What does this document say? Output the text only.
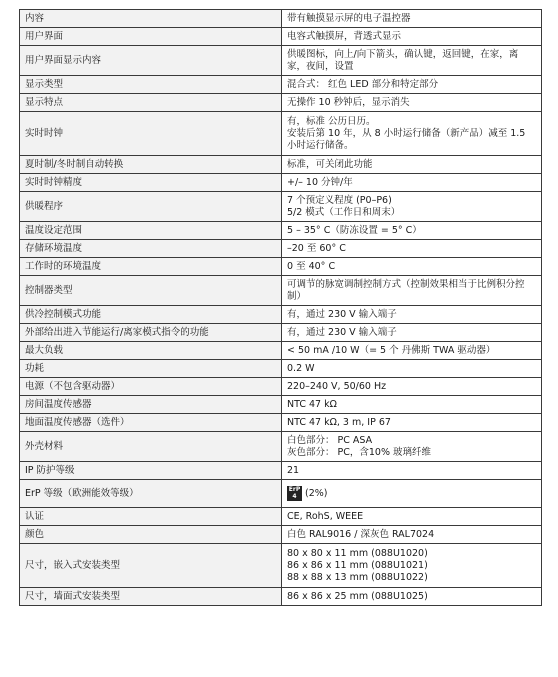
内容	带有触摸显示屏的电子温控器

用户界面	电容式触摸屏，背透式显示

用户界面显示内容	供暖图标，向上/向下箭头，确认键，返回键，在家，离家，夜间，设置

显示类型	混合式： 红色 LED 部分和特定部分

显示特点	无操作 10 秒钟后，显示消失

实时时钟	有，标准 公历日历。
安装后第 10 年，从 8 小时运行储备（新产品）减至 1.5 小时运行储备。

夏时制/冬时制自动转换	标准，可关闭此功能

实时时钟精度	+/– 10 分钟/年

供暖程序	7 个预定义程度 (P0–P6)
5/2 模式（工作日和周末）

温度设定范围	5 – 35° C（防冻设置 = 5° C）

存储环境温度	–20 至 60° C

工作时的环境温度	0 至 40° C

控制器类型	可调节的脉宽调制控制方式（控制效果相当于比例积分控制）

供冷控制模式功能	有，通过 230 V 输入端子

外部给出进入节能运行/离家模式指令的功能	有，通过 230 V 输入端子

最大负载	< 50 mA /10 W（= 5 个 丹佛斯 TWA 驱动器）

功耗	0.2 W

电源（不包含驱动器）	220–240 V, 50/60 Hz

房间温度传感器	NTC 47 kΩ

地面温度传感器（选件）	NTC 47 kΩ, 3 m, IP 67

外壳材料	白色部分： PC ASA
灰色部分： PC，含10% 玻璃纤维

IP 防护等级	21

ErP 等级（欧洲能效等级）	ErP
4 (2%)
认证	CE, RohS, WEEE

颜色	白色 RAL9016 / 深灰色 RAL7024

尺寸，嵌入式安装类型	80 x 80 x 11 mm (088U1020)
86 x 86 x 11 mm (088U1021)
88 x 88 x 13 mm (088U1022)

尺寸，墙面式安装类型	86 x 86 x 25 mm (088U1025)
